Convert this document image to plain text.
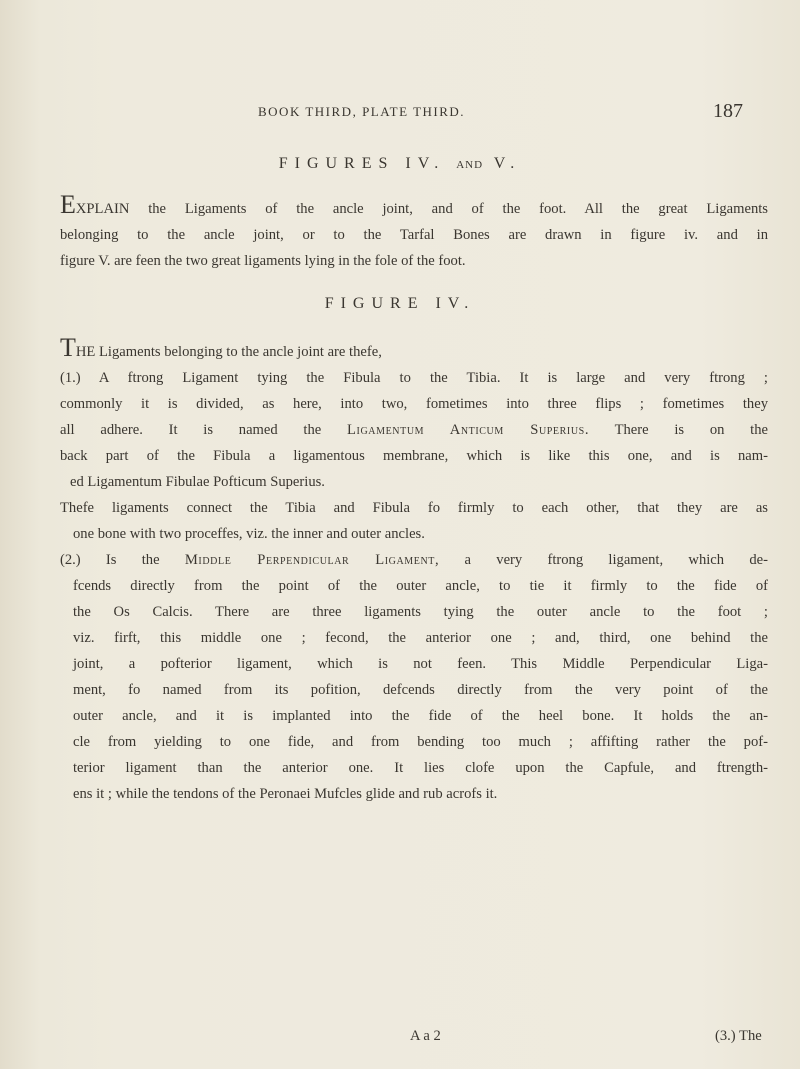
BOOK THIRD, PLATE THIRD.	187
FIGURES IV. AND V.
EXPLAIN the Ligaments of the ancle joint, and of the foot. All the great Ligaments
belonging to the ancle joint, or to the Tarfal Bones are drawn in figure iv. and in
figure V. are feen the two great ligaments lying in the fole of the foot.
FIGURE IV.
THE Ligaments belonging to the ancle joint are thefe,
(1.) A ftrong Ligament tying the Fibula to the Tibia. It is large and very ftrong ;
commonly it is divided, as here, into two, fometimes into three flips ; fometimes they
all adhere. It is named the Ligamentum Anticum Superius. There is on the
back part of the Fibula a ligamentous membrane, which is like this one, and is nam-
ed Ligamentum Fibulae Pofticum Superius.
Thefe ligaments connect the Tibia and Fibula fo firmly to each other, that they are as
one bone with two proceffes, viz. the inner and outer ancles.
(2.) Is the Middle Perpendicular Ligament, a very ftrong ligament, which de-
fcends directly from the point of the outer ancle, to tie it firmly to the fide of
the Os Calcis. There are three ligaments tying the outer ancle to the foot ;
viz. firft, this middle one ; fecond, the anterior one ; and, third, one behind the
joint, a pofterior ligament, which is not feen. This Middle Perpendicular Liga-
ment, fo named from its pofition, defcends directly from the very point of the
outer ancle, and it is implanted into the fide of the heel bone. It holds the an-
cle from yielding to one fide, and from bending too much ; affifting rather the pof-
terior ligament than the anterior one. It lies clofe upon the Capfule, and ftrength-
ens it ; while the tendons of the Peronaei Mufcles glide and rub acrofs it.
A a 2	(3.) The
